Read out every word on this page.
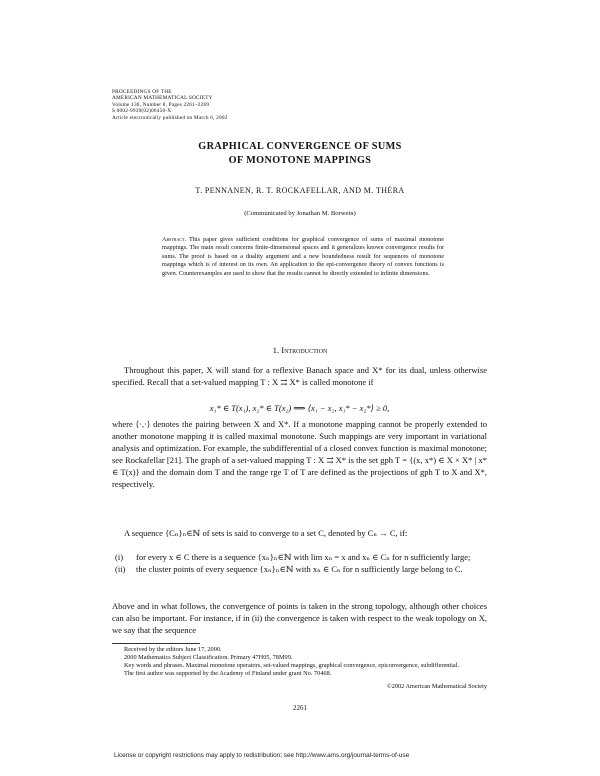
PROCEEDINGS OF THE
AMERICAN MATHEMATICAL SOCIETY
Volume 130, Number 8, Pages 2261–2269
S 0002-9939(02)06450-X
Article electronically published on March 6, 2002
GRAPHICAL CONVERGENCE OF SUMS
OF MONOTONE MAPPINGS
T. PENNANEN, R. T. ROCKAFELLAR, AND M. THÉRA
(Communicated by Jonathan M. Borwein)
Abstract. This paper gives sufficient conditions for graphical convergence of sums of maximal monotone mappings. The main result concerns finite-dimensional spaces and it generalizes known convergence results for sums. The proof is based on a duality argument and a new boundedness result for sequences of monotone mappings which is of interest on its own. An application to the epi-convergence theory of convex functions is given. Counterexamples are used to show that the results cannot be directly extended to infinite dimensions.
1. Introduction
Throughout this paper, X will stand for a reflexive Banach space and X* for its dual, unless otherwise specified. Recall that a set-valued mapping T : X ⇉ X* is called monotone if
x₁* ∈ T(x₁), x₂* ∈ T(x₂) ⟹ ⟨x₁ − x₂, x₁* − x₂*⟩ ≥ 0,
where ⟨·,·⟩ denotes the pairing between X and X*. If a monotone mapping cannot be properly extended to another monotone mapping it is called maximal monotone. Such mappings are very important in variational analysis and optimization. For example, the subdifferential of a closed convex function is maximal monotone; see Rockafellar [21]. The graph of a set-valued mapping T : X ⇉ X* is the set gph T = {(x, x*) ∈ X × X* | x* ∈ T(x)} and the domain dom T and the range rge T of T are defined as the projections of gph T to X and X*, respectively.
A sequence {Cₙ}ₙ∈ℕ of sets is said to converge to a set C, denoted by Cₙ → C, if:
(i) for every x ∈ C there is a sequence {xₙ}ₙ∈ℕ with lim xₙ = x and xₙ ∈ Cₙ for n sufficiently large;
(ii) the cluster points of every sequence {xₙ}ₙ∈ℕ with xₙ ∈ Cₙ for n sufficiently large belong to C.
Above and in what follows, the convergence of points is taken in the strong topology, although other choices can also be important. For instance, if in (ii) the convergence is taken with respect to the weak topology on X, we say that the sequence
Received by the editors June 17, 2000.
2000 Mathematics Subject Classification. Primary 47H05, 78M99.
Key words and phrases. Maximal monotone operators, set-valued mappings, graphical convergence, epiconvergence, subdifferential.
The first author was supported by the Academy of Finland under grant No. 70468.
©2002 American Mathematical Society
2261
License or copyright restrictions may apply to redistribution; see http://www.ams.org/journal-terms-of-use
